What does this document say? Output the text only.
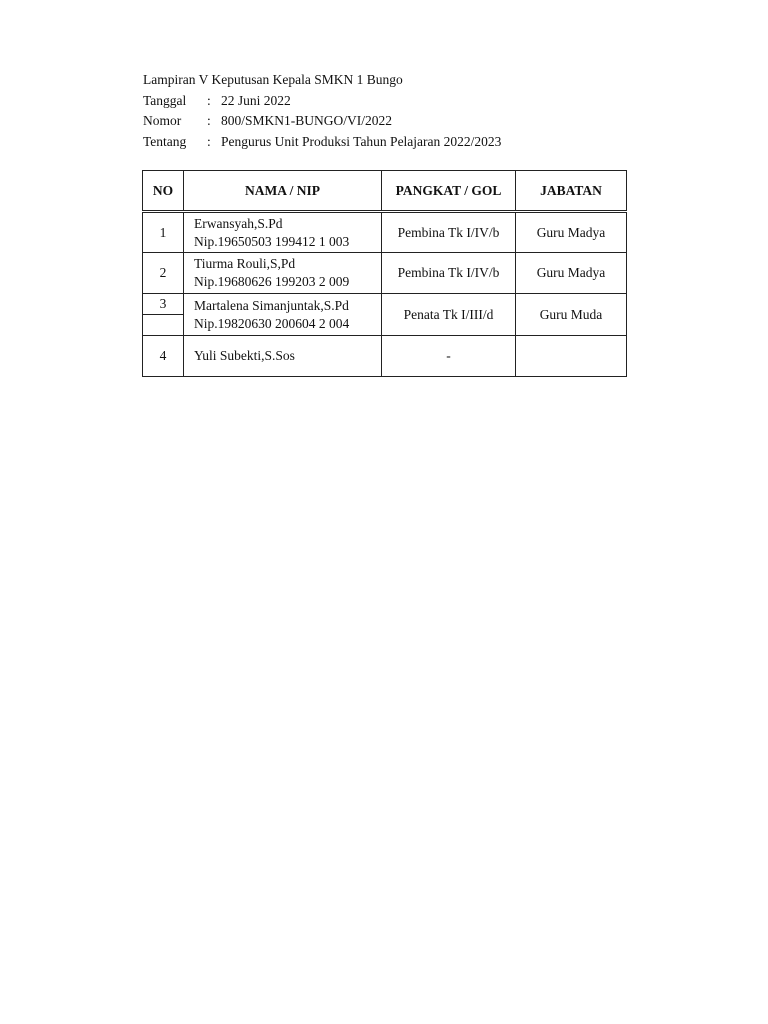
Lampiran V Keputusan Kepala SMKN 1 Bungo
Tanggal	: 22 Juni 2022
Nomor	: 800/SMKN1-BUNGO/VI/2022
Tentang	: Pengurus Unit Produksi Tahun Pelajaran 2022/2023
NO	NAMA / NIP	PANGKAT / GOL	JABATAN
1	Erwansyah,S.Pd
Nip.19650503 199412 1 003	Pembina Tk I/IV/b	Guru Madya
2	Tiurma Rouli,S,Pd
Nip.19680626 199203 2 009	Pembina Tk I/IV/b	Guru Madya

3	Martalena Simanjuntak,S.Pd
Nip.19820630 200604 2 004	Penata Tk I/III/d	Guru Muda
4	Yuli Subekti,S.Sos	-	
